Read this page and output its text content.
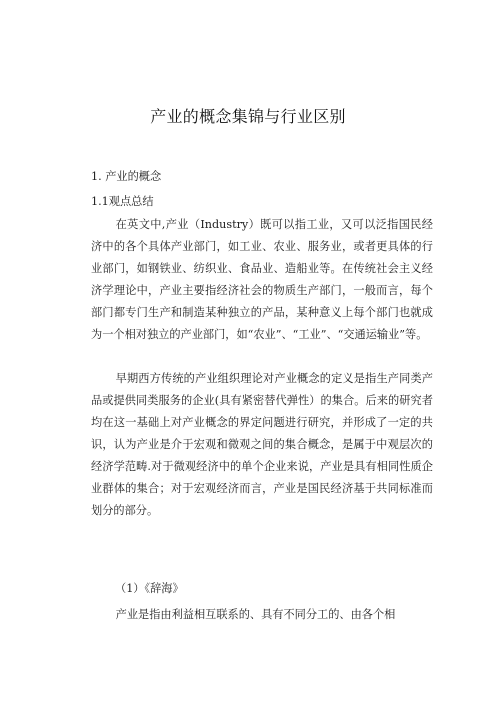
产业的概念集锦与行业区别
1. 产业的概念
1.1观点总结

在英文中,产业（Industry）既可以指工业，又可以泛指国民经济中的各个具体产业部门，如工业、农业、服务业，或者更具体的行业部门，如钢铁业、纺织业、食品业、造船业等。在传统社会主义经济学理论中，产业主要指经济社会的物质生产部门，一般而言，每个部门都专门生产和制造某种独立的产品，某种意义上每个部门也就成为一个相对独立的产业部门，如“农业”、“工业”、“交通运输业”等。

早期西方传统的产业组织理论对产业概念的定义是指生产同类产品或提供同类服务的企业(具有紧密替代弹性）的集合。后来的研究者均在这一基础上对产业概念的界定问题进行研究，并形成了一定的共识，认为产业是介于宏观和微观之间的集合概念，是属于中观层次的经济学范畴.对于微观经济中的单个企业来说，产业是具有相同性质企业群体的集合；对于宏观经济而言，产业是国民经济基于共同标准而划分的部分。

（1）《辞海》

产业是指由利益相互联系的、具有不同分工的、由各个相
